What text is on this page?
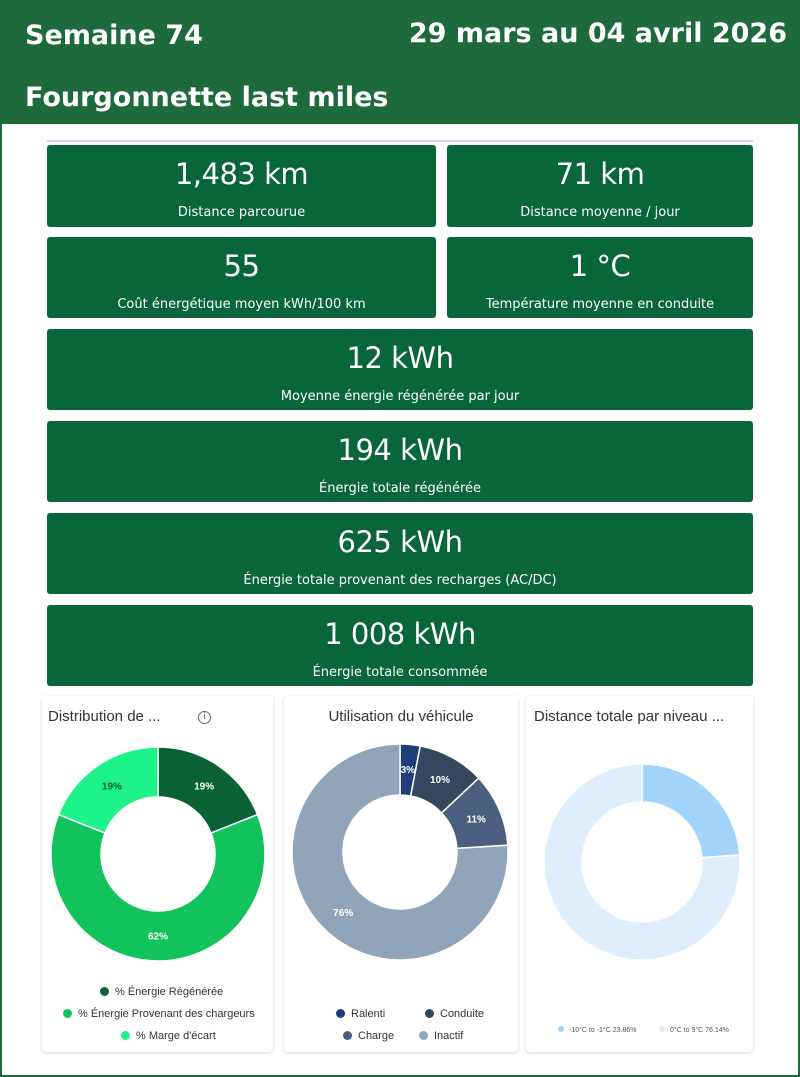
Semaine 74	29 mars au 04 avril 2026
Fourgonnette last miles
1,483 km
Distance parcourue
71 km
Distance moyenne / jour
55
Coût énergétique moyen kWh/100 km
1 °C
Température moyenne en conduite
12 kWh
Moyenne énergie régénérée par jour
194 kWh
Énergie totale régénérée
625 kWh
Énergie totale provenant des recharges (AC/DC)
1 008 kWh
Énergie totale consommée
Distribution de ...	i
19%
62%
19%
% Énergie Régénérée
% Énergie Provenant des chargeurs
% Marge d'écart
Utilisation du véhicule
3%
10%
11%
76%
Ralenti	Conduite
Charge	Inactif
Distance totale par niveau ...
-10°C to -1°C 23.86%	0°C to 9°C 76.14%
